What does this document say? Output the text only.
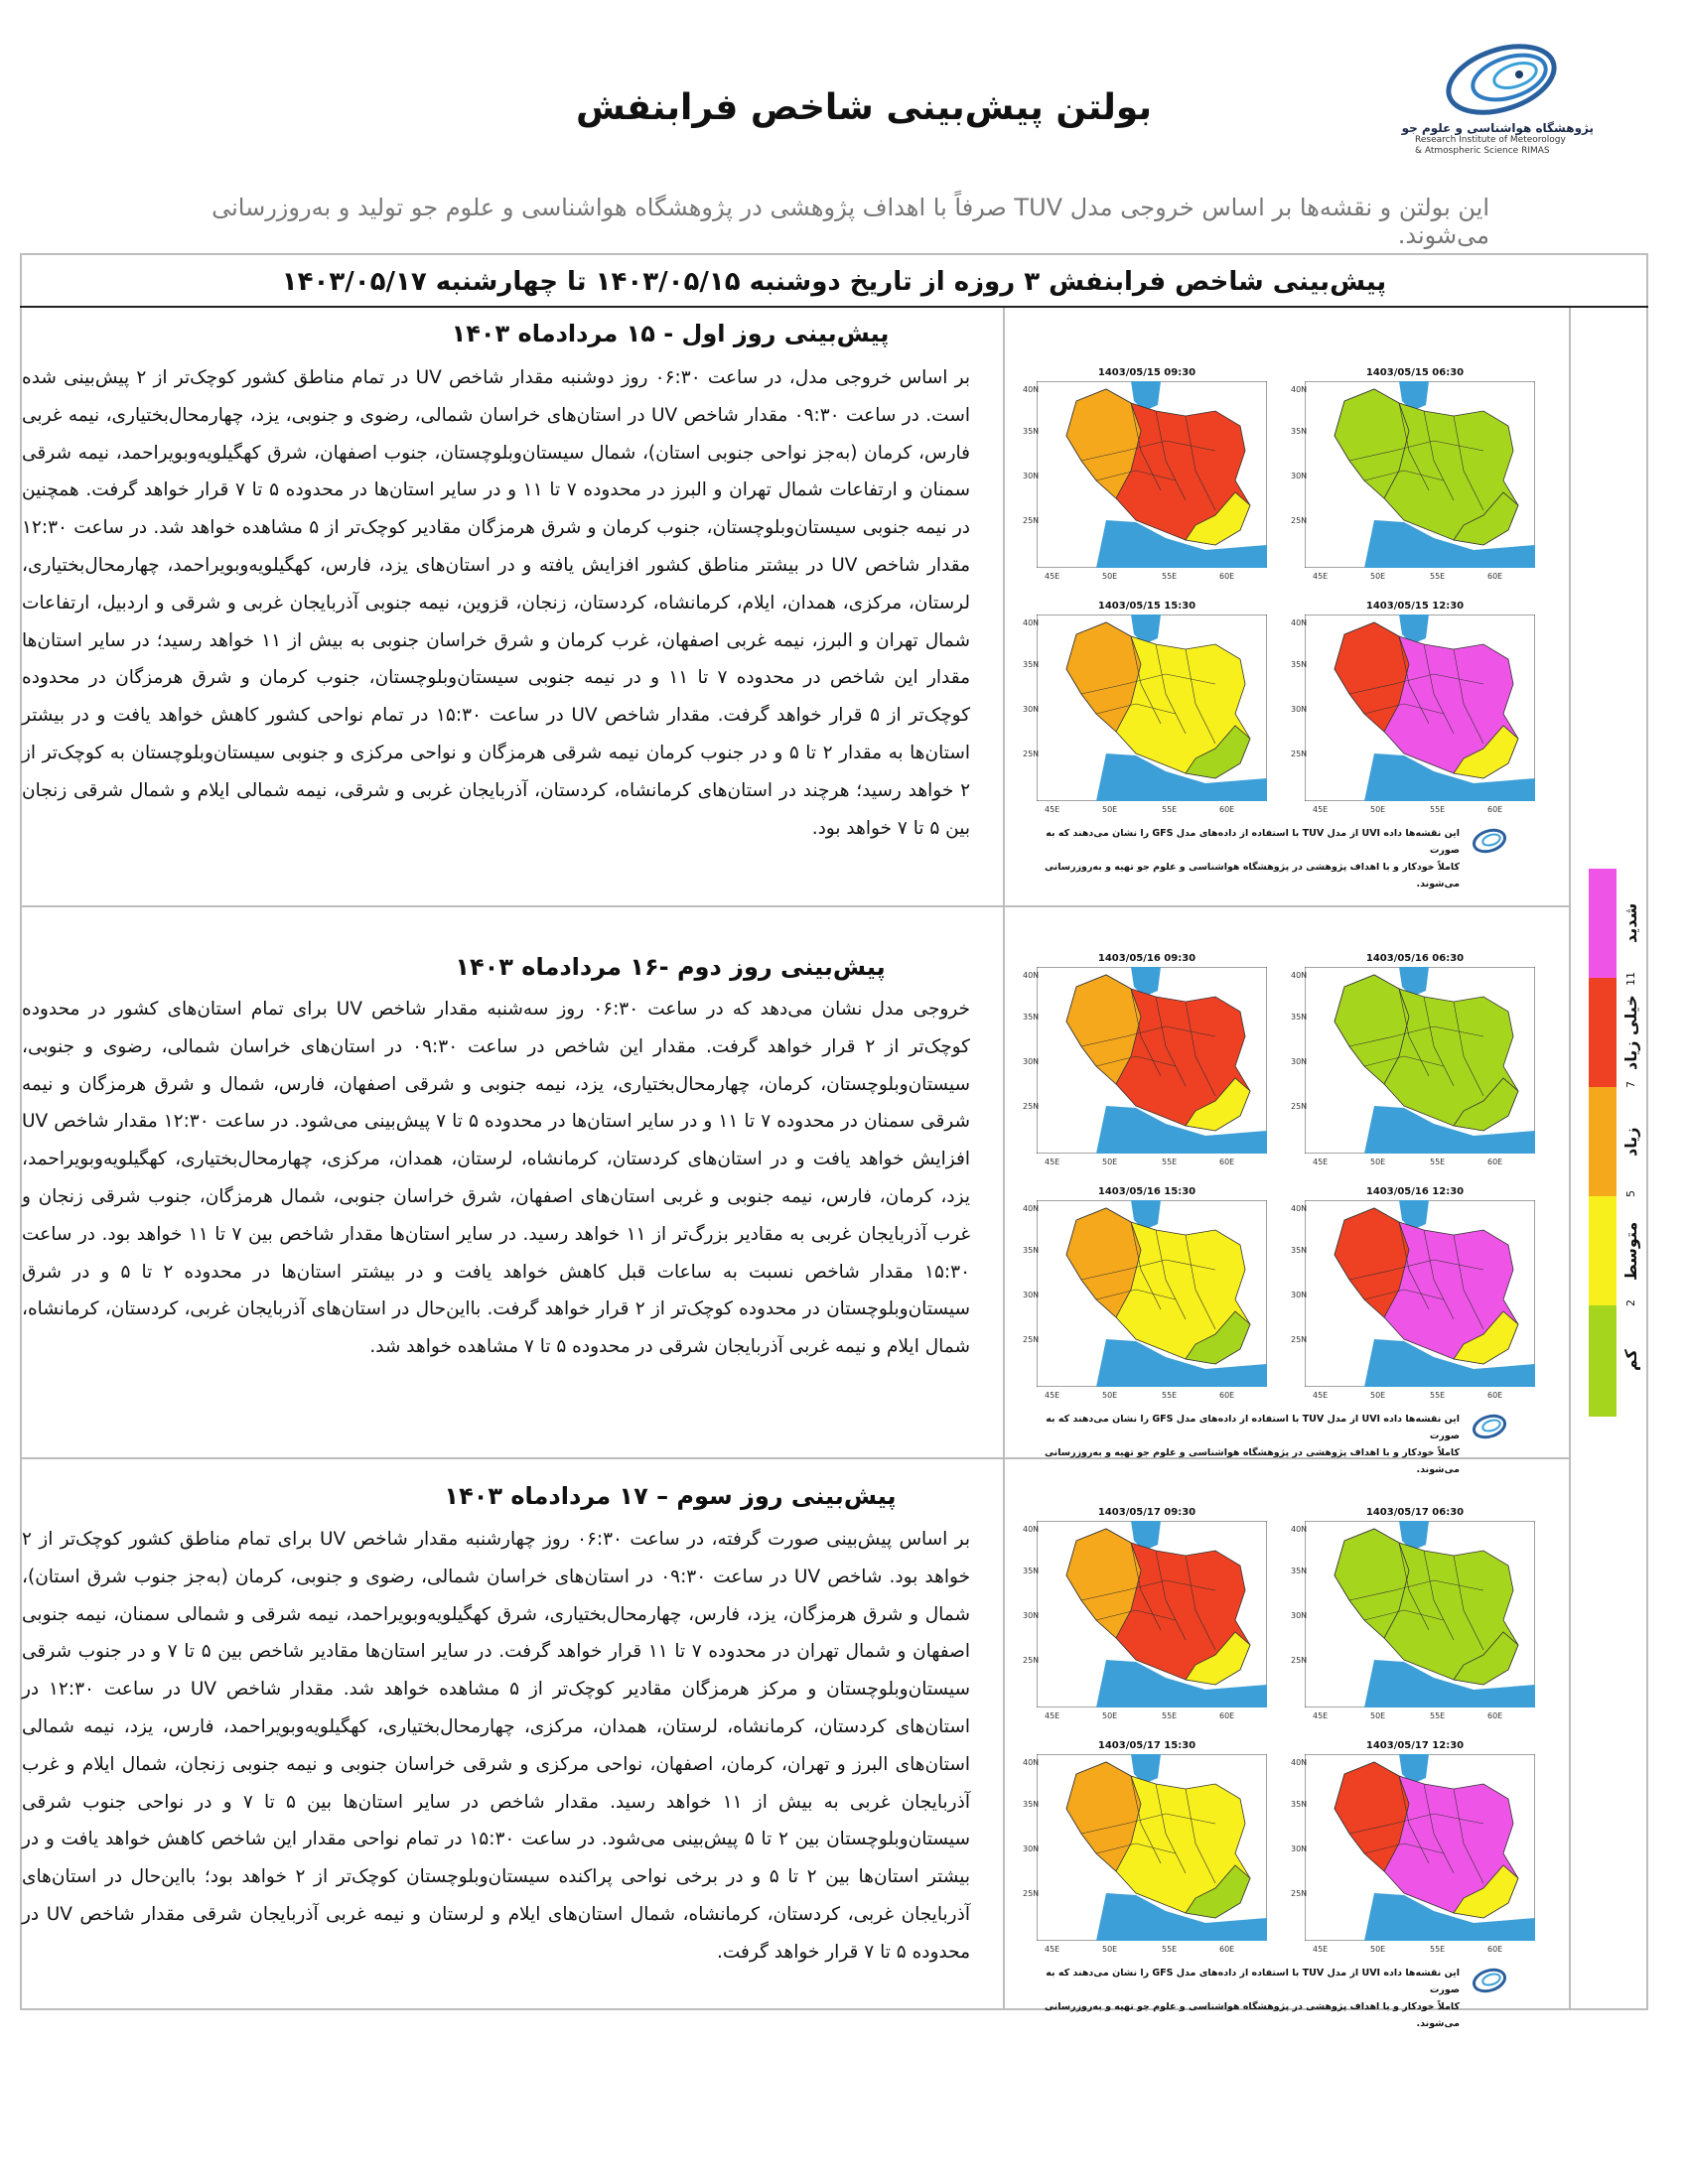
پژوهشگاه هواشناسی و علوم جو
Research Institute of Meteorology
& Atmospheric Science RIMAS
بولتن پیش‌بینی شاخص فرابنفش
این بولتن و نقشه‌ها بر اساس خروجی مدل TUV صرفاً با اهداف پژوهشی در پژوهشگاه هواشناسی و علوم جو تولید و به‌روزرسانی می‌شوند.
پیش‌بینی شاخص فرابنفش ۳ روزه از تاریخ دوشنبه ۱۴۰۳/۰۵/۱۵ تا چهارشنبه ۱۴۰۳/۰۵/۱۷
پیش‌بینی روز اول - ۱۵ مردادماه ۱۴۰۳
بر اساس خروجی مدل، در ساعت ۰۶:۳۰ روز دوشنبه مقدار شاخص UV در تمام مناطق کشور کوچک‌تر از ۲ پیش‌بینی شده است. در ساعت ۰۹:۳۰ مقدار شاخص UV در استان‌های خراسان شمالی، رضوی و جنوبی، یزد، چهارمحال‌بختیاری، نیمه غربی فارس، کرمان (به‌جز نواحی جنوبی استان)، شمال سیستان‌وبلوچستان، جنوب اصفهان، شرق کهگیلویه‌وبویراحمد، نیمه شرقی سمنان و ارتفاعات شمال تهران و البرز در محدوده ۷ تا ۱۱ و در سایر استان‌ها در محدوده ۵ تا ۷ قرار خواهد گرفت. همچنین در نیمه جنوبی سیستان‌وبلوچستان، جنوب کرمان و شرق هرمزگان مقادیر کوچک‌تر از ۵ مشاهده خواهد شد. در ساعت ۱۲:۳۰ مقدار شاخص UV در بیشتر مناطق کشور افزایش یافته و در استان‌های یزد، فارس، کهگیلویه‌وبویراحمد، چهارمحال‌بختیاری، لرستان، مرکزی، همدان، ایلام، کرمانشاه، کردستان، زنجان، قزوین، نیمه جنوبی آذربایجان غربی و شرقی و اردبیل، ارتفاعات شمال تهران و البرز، نیمه غربی اصفهان، غرب کرمان و شرق خراسان جنوبی به بیش از ۱۱ خواهد رسید؛ در سایر استان‌ها مقدار این شاخص در محدوده ۷ تا ۱۱ و در نیمه جنوبی سیستان‌وبلوچستان، جنوب کرمان و شرق هرمزگان در محدوده کوچک‌تر از ۵ قرار خواهد گرفت. مقدار شاخص UV در ساعت ۱۵:۳۰ در تمام نواحی کشور کاهش خواهد یافت و در بیشتر استان‌ها به مقدار ۲ تا ۵ و در جنوب کرمان نیمه شرقی هرمزگان و نواحی مرکزی و جنوبی سیستان‌وبلوچستان به کوچک‌تر از ۲ خواهد رسید؛ هرچند در استان‌های کرمانشاه، کردستان، آذربایجان غربی و شرقی، نیمه شمالی ایلام و شمال شرقی زنجان بین ۵ تا ۷ خواهد بود.
1403/05/15 06:30
40N
35N
30N
25N
45E	50E	55E	60E
1403/05/15 09:30
40N
35N
30N
25N
45E	50E	55E	60E
1403/05/15 12:30
40N
35N
30N
25N
45E	50E	55E	60E
1403/05/15 15:30
40N
35N
30N
25N
45E	50E	55E	60E
این نقشه‌ها داده UVI از مدل TUV با استفاده از داده‌های مدل GFS را نشان می‌دهند که به صورت
کاملاً خودکار و با اهداف پژوهشی در پژوهشگاه هواشناسی و علوم جو تهیه و به‌روزرسانی می‌شوند.
پیش‌بینی روز دوم -۱۶ مردادماه ۱۴۰۳
خروجی مدل نشان می‌دهد که در ساعت ۰۶:۳۰ روز سه‌شنبه مقدار شاخص UV برای تمام استان‌های کشور در محدوده کوچک‌تر از ۲ قرار خواهد گرفت. مقدار این شاخص در ساعت ۰۹:۳۰ در استان‌های خراسان شمالی، رضوی و جنوبی، سیستان‌وبلوچستان، کرمان، چهارمحال‌بختیاری، یزد، نیمه جنوبی و شرقی اصفهان، فارس، شمال و شرق هرمزگان و نیمه شرقی سمنان در محدوده ۷ تا ۱۱ و در سایر استان‌ها در محدوده ۵ تا ۷ پیش‌بینی می‌شود. در ساعت ۱۲:۳۰ مقدار شاخص UV افزایش خواهد یافت و در استان‌های کردستان، کرمانشاه، لرستان، همدان، مرکزی، چهارمحال‌بختیاری، کهگیلویه‌وبویراحمد، یزد، کرمان، فارس، نیمه جنوبی و غربی استان‌های اصفهان، شرق خراسان جنوبی، شمال هرمزگان، جنوب شرقی زنجان و غرب آذربایجان غربی به مقادیر بزرگ‌تر از ۱۱ خواهد رسید. در سایر استان‌ها مقدار شاخص بین ۷ تا ۱۱ خواهد بود. در ساعت ۱۵:۳۰ مقدار شاخص نسبت به ساعات قبل کاهش خواهد یافت و در بیشتر استان‌ها در محدوده ۲ تا ۵ و در شرق سیستان‌وبلوچستان در محدوده کوچک‌تر از ۲ قرار خواهد گرفت. بااین‌حال در استان‌های آذربایجان غربی، کردستان، کرمانشاه، شمال ایلام و نیمه غربی آذربایجان شرقی در محدوده ۵ تا ۷ مشاهده خواهد شد.
1403/05/16 06:30
40N
35N
30N
25N
45E	50E	55E	60E
1403/05/16 09:30
40N
35N
30N
25N
45E	50E	55E	60E
1403/05/16 12:30
40N
35N
30N
25N
45E	50E	55E	60E
1403/05/16 15:30
40N
35N
30N
25N
45E	50E	55E	60E
این نقشه‌ها داده UVI از مدل TUV با استفاده از داده‌های مدل GFS را نشان می‌دهند که به صورت
کاملاً خودکار و با اهداف پژوهشی در پژوهشگاه هواشناسی و علوم جو تهیه و به‌روزرسانی می‌شوند.
پیش‌بینی روز سوم – ۱۷ مردادماه ۱۴۰۳
بر اساس پیش‌بینی صورت گرفته، در ساعت ۰۶:۳۰ روز چهارشنبه مقدار شاخص UV برای تمام مناطق کشور کوچک‌تر از ۲ خواهد بود. شاخص UV در ساعت ۰۹:۳۰ در استان‌های خراسان شمالی، رضوی و جنوبی، کرمان (به‌جز جنوب شرق استان)، شمال و شرق هرمزگان، یزد، فارس، چهارمحال‌بختیاری، شرق کهگیلویه‌وبویراحمد، نیمه شرقی و شمالی سمنان، نیمه جنوبی اصفهان و شمال تهران در محدوده ۷ تا ۱۱ قرار خواهد گرفت. در سایر استان‌ها مقادیر شاخص بین ۵ تا ۷ و در جنوب شرقی سیستان‌وبلوچستان و مرکز هرمزگان مقادیر کوچک‌تر از ۵ مشاهده خواهد شد. مقدار شاخص UV در ساعت ۱۲:۳۰ در استان‌های کردستان، کرمانشاه، لرستان، همدان، مرکزی، چهارمحال‌بختیاری، کهگیلویه‌وبویراحمد، فارس، یزد، نیمه شمالی استان‌های البرز و تهران، کرمان، اصفهان، نواحی مرکزی و شرقی خراسان جنوبی و نیمه جنوبی زنجان، شمال ایلام و غرب آذربایجان غربی به بیش از ۱۱ خواهد رسید. مقدار شاخص در سایر استان‌ها بین ۵ تا ۷ و در نواحی جنوب شرقی سیستان‌وبلوچستان بین ۲ تا ۵ پیش‌بینی می‌شود. در ساعت ۱۵:۳۰ در تمام نواحی مقدار این شاخص کاهش خواهد یافت و در بیشتر استان‌ها بین ۲ تا ۵ و در برخی نواحی پراکنده سیستان‌وبلوچستان کوچک‌تر از ۲ خواهد بود؛ بااین‌حال در استان‌های آذربایجان غربی، کردستان، کرمانشاه، شمال استان‌های ایلام و لرستان و نیمه غربی آذربایجان شرقی مقدار شاخص UV در محدوده ۵ تا ۷ قرار خواهد گرفت.
1403/05/17 06:30
40N
35N
30N
25N
45E	50E	55E	60E
1403/05/17 09:30
40N
35N
30N
25N
45E	50E	55E	60E
1403/05/17 12:30
40N
35N
30N
25N
45E	50E	55E	60E
1403/05/17 15:30
40N
35N
30N
25N
45E	50E	55E	60E
این نقشه‌ها داده UVI از مدل TUV با استفاده از داده‌های مدل GFS را نشان می‌دهند که به صورت
کاملاً خودکار و با اهداف پژوهشی در پژوهشگاه هواشناسی و علوم جو تهیه و به‌روزرسانی می‌شوند.
شدید
خیلی زیاد
زیاد
متوسط
کم
11
7
5
2
